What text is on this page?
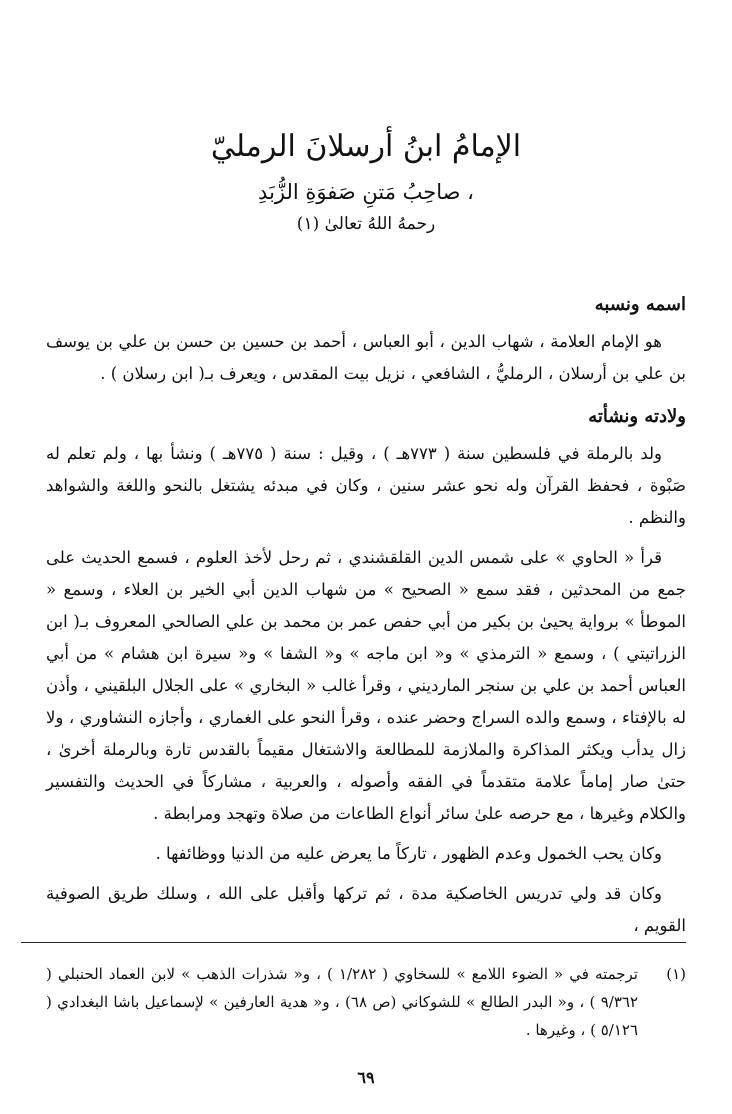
الإمامُ ابنُ أرسلانَ الرمليّ
صاحِبُ مَتنِ صَفوَةِ الزُّبَدِ ،
رحمهُ اللهُ تعالىٰ (١)
اسمه ونسبه

هو الإمام العلامة ، شهاب الدين ، أبو العباس ، أحمد بن حسين بن حسن بن علي بن يوسف بن علي بن أرسلان ، الرمليُّ ، الشافعي ، نزيل بيت المقدس ، ويعرف بـ( ابن رسلان ) .

ولادته ونشأته

ولد بالرملة في فلسطين سنة ( ٧٧٣هـ ) ، وقيل : سنة ( ٧٧٥هـ ) ونشأ بها ، ولم تعلم له صَبْوة ، فحفظ القرآن وله نحو عشر سنين ، وكان في مبدئه يشتغل بالنحو واللغة والشواهد والنظم .

قرأ « الحاوي » على شمس الدين القلقشندي ، ثم رحل لأخذ العلوم ، فسمع الحديث على جمع من المحدثين ، فقد سمع « الصحيح » من شهاب الدين أبي الخير بن العلاء ، وسمع « الموطأ » برواية يحيىٰ بن بكير من أبي حفص عمر بن محمد بن علي الصالحي المعروف بـ( ابن الزراتيتي ) ، وسمع « الترمذي » و« ابن ماجه » و« الشفا » و« سيرة ابن هشام » من أبي العباس أحمد بن علي بن سنجر الماردیني ، وقرأ غالب « البخاري » على الجلال البلقيني ، وأذن له بالإفتاء ، وسمع والده السراج وحضر عنده ، وقرأ النحو على الغماري ، وأجازه النشاوري ، ولا زال يدأب ويكثر المذاكرة والملازمة للمطالعة والاشتغال مقيماً بالقدس تارة وبالرملة أخرىٰ ، حتىٰ صار إماماً علامة متقدماً في الفقه وأصوله ، والعربية ، مشاركاً في الحديث والتفسير والكلام وغيرها ، مع حرصه علىٰ سائر أنواع الطاعات من صلاة وتهجد ومرابطة .

وكان يحب الخمول وعدم الظهور ، تاركاً ما يعرض عليه من الدنيا ووظائفها .

وكان قد ولي تدريس الخاصكية مدة ، ثم تركها وأقبل على الله ، وسلك طريق الصوفية القويم ،

(١)
ترجمته في « الضوء اللامع » للسخاوي ( ١/٢٨٢ ) ، و« شذرات الذهب » لابن العماد الحنبلي ( ٩/٣٦٢ ) ، و« البدر الطالع » للشوكاني (ص ٦٨) ، و« هدية العارفين » لإسماعيل باشا البغدادي ( ٥/١٢٦ ) ، وغيرها .
٦٩
